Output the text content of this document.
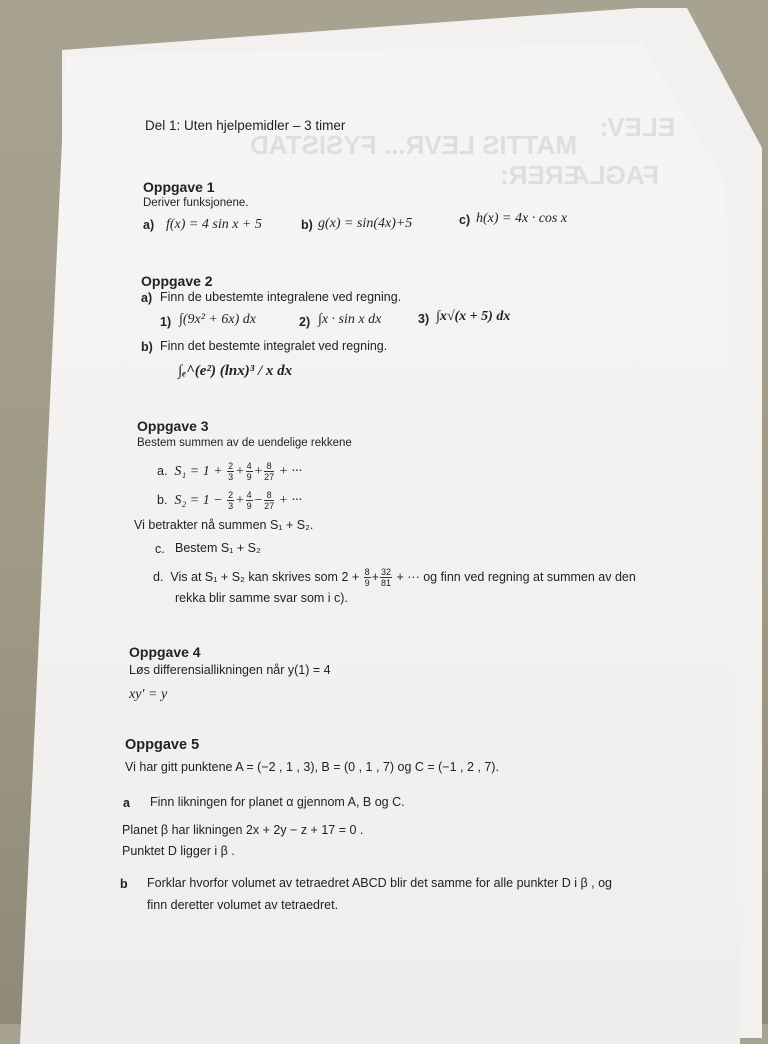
MATTIS LEVR... FYSISTAD
FAGLÆRER:
ELEV:
Del 1: Uten hjelpemidler – 3 timer
Oppgave 1
Deriver funksjonene.
a) f(x) = 4 sin x + 5	b) g(x) = sin(4x)+5	c) h(x) = 4x · cos x
Oppgave 2
a) Finn de ubestemte integralene ved regning.
1) ∫(9x² + 6x) dx	2) ∫x · sin x dx	3) ∫x√(x + 5) dx
b) Finn det bestemte integralet ved regning.
∫ₑ^(e²) (lnx)³ / x dx
Oppgave 3
Bestem summen av de uendelige rekkene
a. $S_1 = 1 + \frac{2}{3} + \frac{4}{9} + \frac{8}{27}$ + ···
b. $S_2 = 1 - \frac{2}{3} + \frac{4}{9} - \frac{8}{27}$ + ···
Vi betrakter nå summen S₁ + S₂.
c. Bestem S₁ + S₂
d. Vis at S₁ + S₂ kan skrives som $2 + \frac{8}{9} + \frac{32}{81}$ + ··· og finn ved regning at summen av den
rekka blir samme svar som i c).
Oppgave 4
Løs differensiallikningen når y(1) = 4
xy′ = y
Oppgave 5
Vi har gitt punktene A = (−2 , 1 , 3), B = (0 , 1 , 7) og C = (−1 , 2 , 7).
a Finn likningen for planet α gjennom A, B og C.
Planet β har likningen 2x + 2y − z + 17 = 0 .
Punktet D ligger i β .
b Forklar hvorfor volumet av tetraedret ABCD blir det samme for alle punkter D i β , og
finn deretter volumet av tetraedret.
